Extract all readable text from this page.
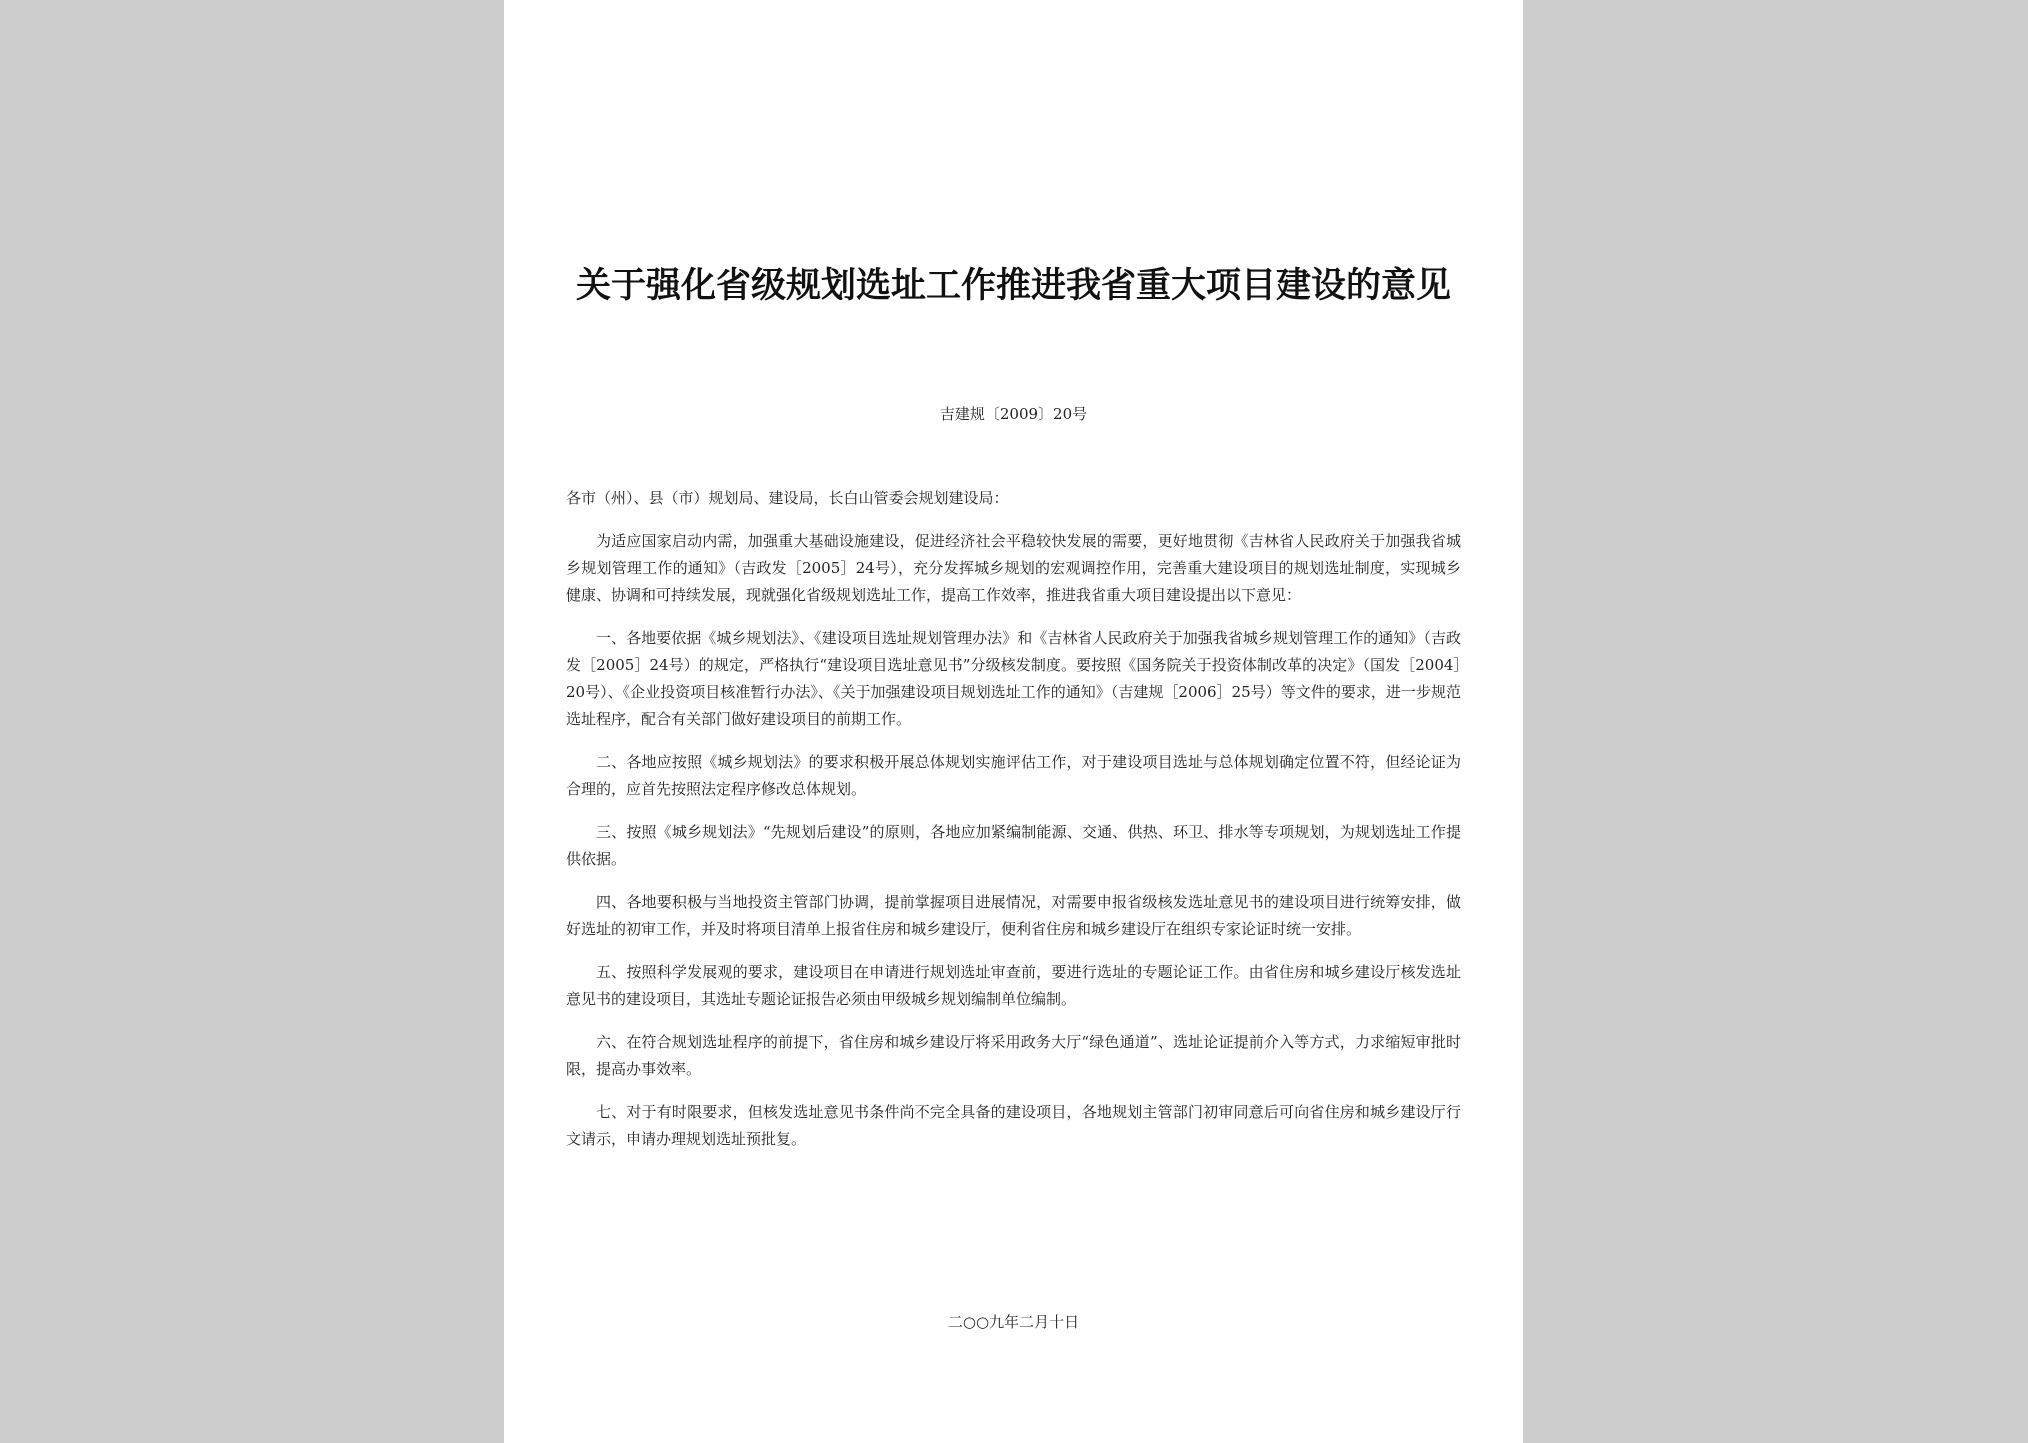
关于强化省级规划选址工作推进我省重大项目建设的意见
吉建规〔2009〕20号
各市（州）、县（市）规划局、建设局，长白山管委会规划建设局：

为适应国家启动内需，加强重大基础设施建设，促进经济社会平稳较快发展的需要，更好地贯彻《吉林省人民政府关于加强我省城乡规划管理工作的通知》（吉政发［2005］24号），充分发挥城乡规划的宏观调控作用，完善重大建设项目的规划选址制度，实现城乡健康、协调和可持续发展，现就强化省级规划选址工作，提高工作效率，推进我省重大项目建设提出以下意见：

一、各地要依据《城乡规划法》、《建设项目选址规划管理办法》和《吉林省人民政府关于加强我省城乡规划管理工作的通知》（吉政发［2005］24号）的规定，严格执行“建设项目选址意见书”分级核发制度。要按照《国务院关于投资体制改革的决定》（国发［2004］20号）、《企业投资项目核准暂行办法》、《关于加强建设项目规划选址工作的通知》（吉建规［2006］25号）等文件的要求，进一步规范选址程序，配合有关部门做好建设项目的前期工作。

二、各地应按照《城乡规划法》的要求积极开展总体规划实施评估工作，对于建设项目选址与总体规划确定位置不符，但经论证为合理的，应首先按照法定程序修改总体规划。

三、按照《城乡规划法》“先规划后建设”的原则，各地应加紧编制能源、交通、供热、环卫、排水等专项规划，为规划选址工作提供依据。

四、各地要积极与当地投资主管部门协调，提前掌握项目进展情况，对需要申报省级核发选址意见书的建设项目进行统筹安排，做好选址的初审工作，并及时将项目清单上报省住房和城乡建设厅，便利省住房和城乡建设厅在组织专家论证时统一安排。

五、按照科学发展观的要求，建设项目在申请进行规划选址审查前，要进行选址的专题论证工作。由省住房和城乡建设厅核发选址意见书的建设项目，其选址专题论证报告必须由甲级城乡规划编制单位编制。

六、在符合规划选址程序的前提下，省住房和城乡建设厅将采用政务大厅“绿色通道”、选址论证提前介入等方式，力求缩短审批时限，提高办事效率。

七、对于有时限要求，但核发选址意见书条件尚不完全具备的建设项目，各地规划主管部门初审同意后可向省住房和城乡建设厅行文请示，申请办理规划选址预批复。

二○○九年二月十日
